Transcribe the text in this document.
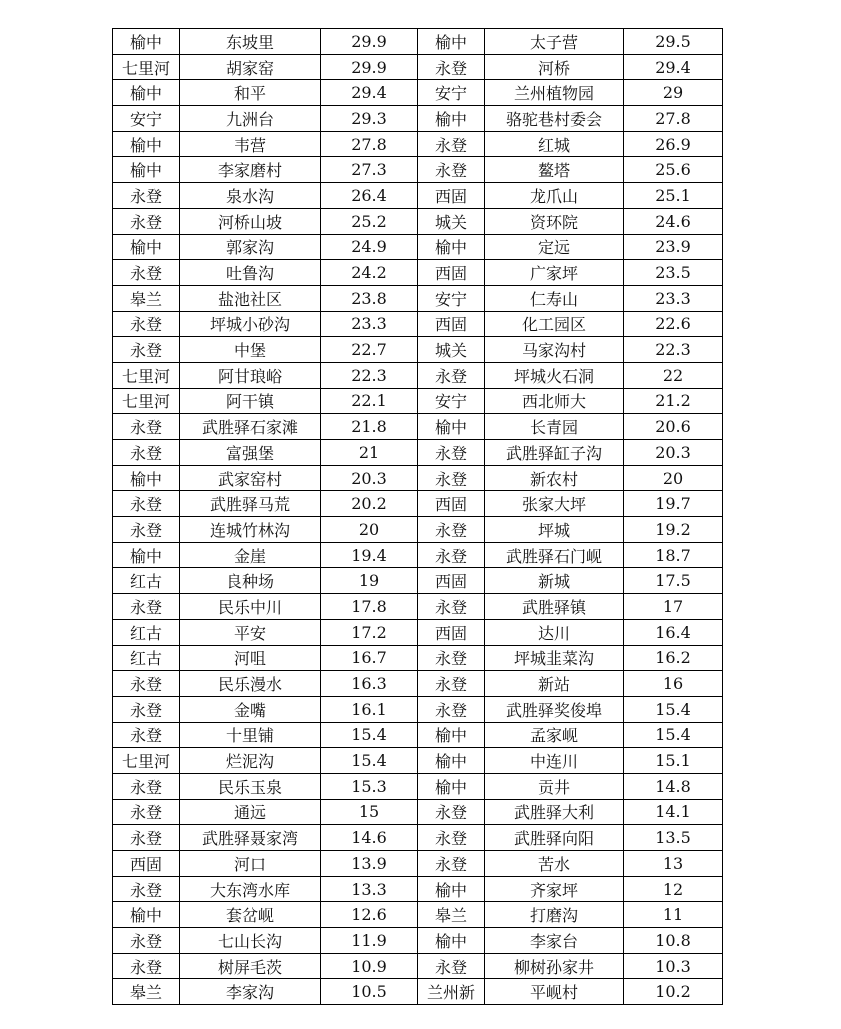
榆中	东坡里	29.9	榆中	太子营	29.5
七里河	胡家窑	29.9	永登	河桥	29.4
榆中	和平	29.4	安宁	兰州植物园	29
安宁	九洲台	29.3	榆中	骆驼巷村委会	27.8
榆中	韦营	27.8	永登	红城	26.9
榆中	李家磨村	27.3	永登	鳌塔	25.6
永登	泉水沟	26.4	西固	龙爪山	25.1
永登	河桥山坡	25.2	城关	资环院	24.6
榆中	郭家沟	24.9	榆中	定远	23.9
永登	吐鲁沟	24.2	西固	广家坪	23.5
皋兰	盐池社区	23.8	安宁	仁寿山	23.3
永登	坪城小砂沟	23.3	西固	化工园区	22.6
永登	中堡	22.7	城关	马家沟村	22.3
七里河	阿甘琅峪	22.3	永登	坪城火石洞	22
七里河	阿干镇	22.1	安宁	西北师大	21.2
永登	武胜驿石家滩	21.8	榆中	长青园	20.6
永登	富强堡	21	永登	武胜驿缸子沟	20.3
榆中	武家窑村	20.3	永登	新农村	20
永登	武胜驿马荒	20.2	西固	张家大坪	19.7
永登	连城竹林沟	20	永登	坪城	19.2
榆中	金崖	19.4	永登	武胜驿石门岘	18.7
红古	良种场	19	西固	新城	17.5
永登	民乐中川	17.8	永登	武胜驿镇	17
红古	平安	17.2	西固	达川	16.4
红古	河咀	16.7	永登	坪城韭菜沟	16.2
永登	民乐漫水	16.3	永登	新站	16
永登	金嘴	16.1	永登	武胜驿奖俊埠	15.4
永登	十里铺	15.4	榆中	孟家岘	15.4
七里河	烂泥沟	15.4	榆中	中连川	15.1
永登	民乐玉泉	15.3	榆中	贡井	14.8
永登	通远	15	永登	武胜驿大利	14.1
永登	武胜驿聂家湾	14.6	永登	武胜驿向阳	13.5
西固	河口	13.9	永登	苦水	13
永登	大东湾水库	13.3	榆中	齐家坪	12
榆中	套岔岘	12.6	皋兰	打磨沟	11
永登	七山长沟	11.9	榆中	李家台	10.8
永登	树屏毛茨	10.9	永登	柳树孙家井	10.3
皋兰	李家沟	10.5	兰州新	平岘村	10.2
